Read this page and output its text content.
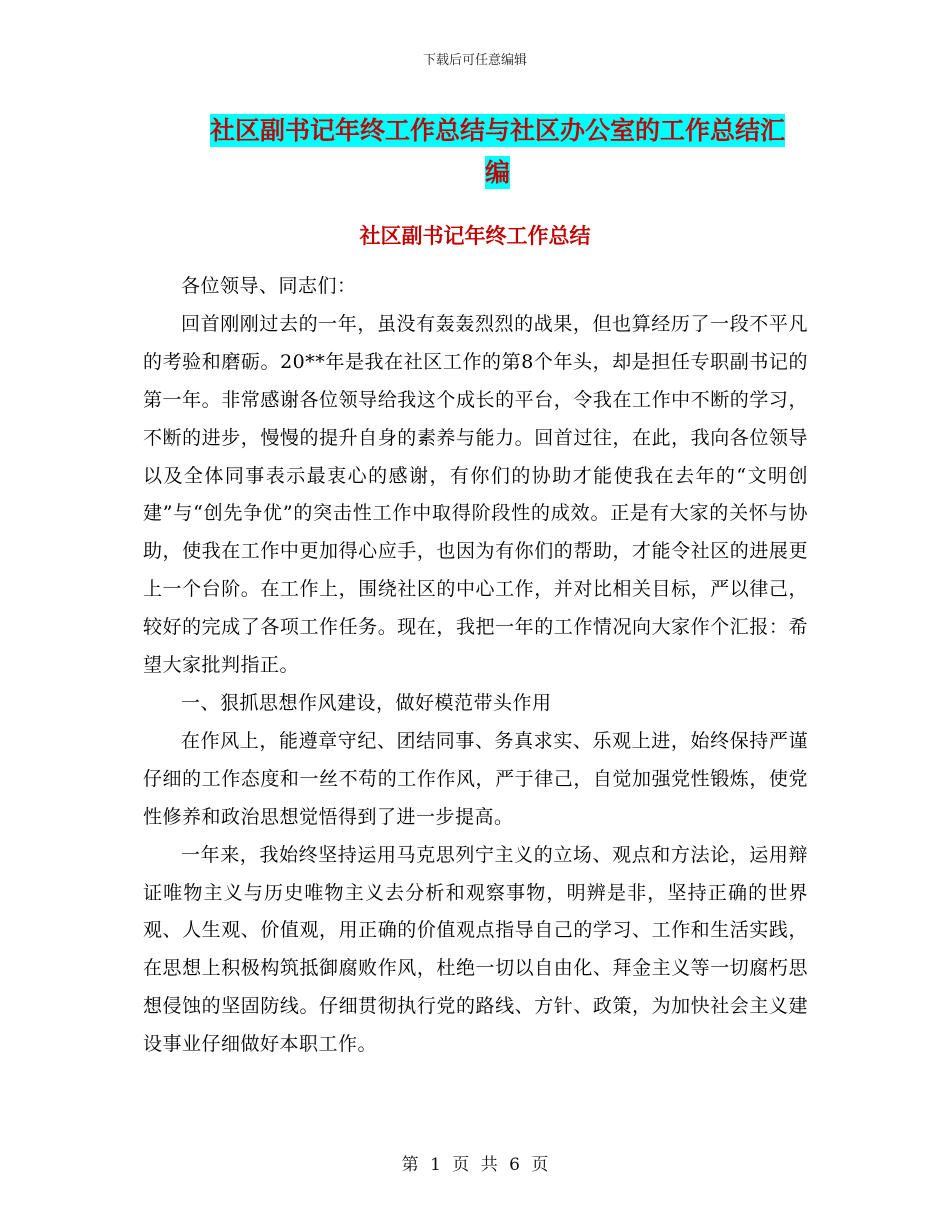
下载后可任意编辑
社区副书记年终工作总结与社区办公室的工作总结汇
编
社区副书记年终工作总结

各位领导、同志们：

回首刚刚过去的一年，虽没有轰轰烈烈的战果，但也算经历了一段不平凡的考验和磨砺。20**年是我在社区工作的第8个年头，却是担任专职副书记的第一年。非常感谢各位领导给我这个成长的平台，令我在工作中不断的学习，不断的进步，慢慢的提升自身的素养与能力。回首过往，在此，我向各位领导以及全体同事表示最衷心的感谢，有你们的协助才能使我在去年的“文明创建”与“创先争优”的突击性工作中取得阶段性的成效。正是有大家的关怀与协助，使我在工作中更加得心应手，也因为有你们的帮助，才能令社区的进展更上一个台阶。在工作上，围绕社区的中心工作，并对比相关目标，严以律己，较好的完成了各项工作任务。现在，我把一年的工作情况向大家作个汇报：希望大家批判指正。

一、狠抓思想作风建设，做好模范带头作用

在作风上，能遵章守纪、团结同事、务真求实、乐观上进，始终保持严谨仔细的工作态度和一丝不苟的工作作风，严于律己，自觉加强党性锻炼，使党性修养和政治思想觉悟得到了进一步提高。

一年来，我始终坚持运用马克思列宁主义的立场、观点和方法论，运用辩证唯物主义与历史唯物主义去分析和观察事物，明辨是非，坚持正确的世界观、人生观、价值观，用正确的价值观点指导自己的学习、工作和生活实践，在思想上积极构筑抵御腐败作风，杜绝一切以自由化、拜金主义等一切腐朽思想侵蚀的坚固防线。仔细贯彻执行党的路线、方针、政策，为加快社会主义建设事业仔细做好本职工作。

第 1 页 共 6 页
